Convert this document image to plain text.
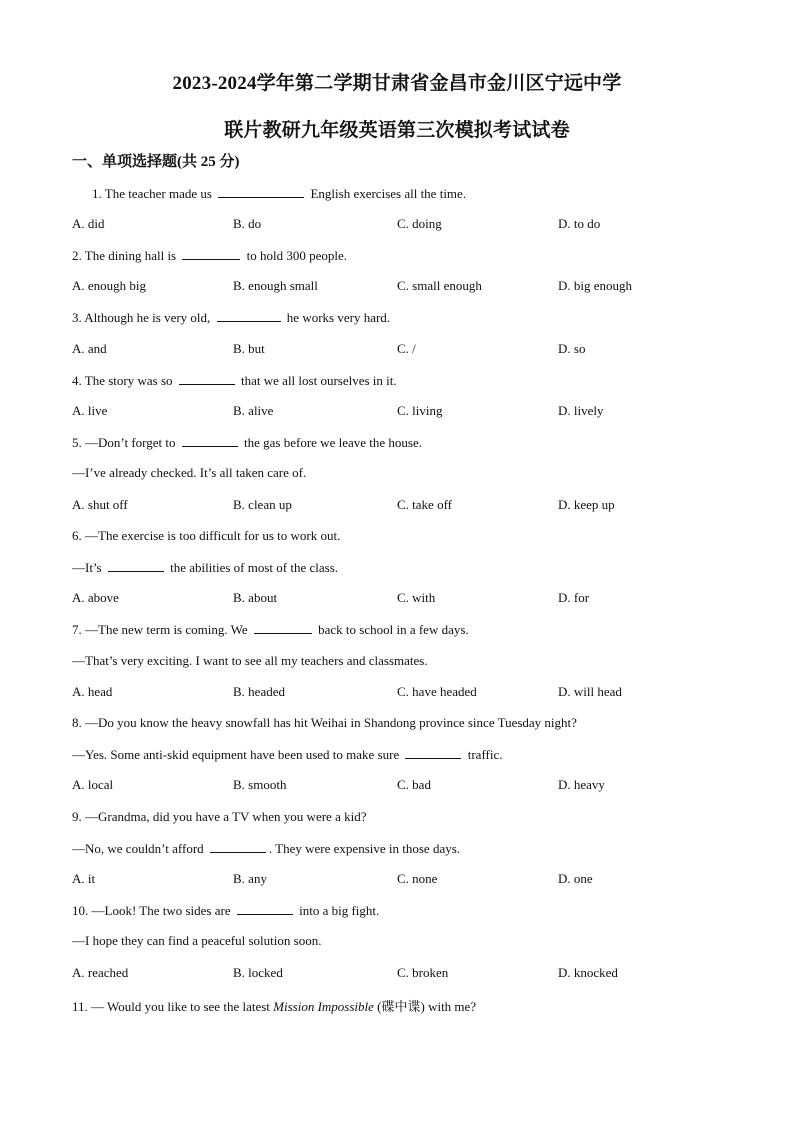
2023-2024学年第二学期甘肃省金昌市金川区宁远中学
联片教研九年级英语第三次模拟考试试卷
一、单项选择题(共 25 分)
1. The teacher made us	English exercises all the time.
A. did	B. do	C. doing	D. to do
2. The dining hall is	to hold 300 people.
A. enough big	B. enough small	C. small enough	D. big enough
3. Although he is very old,	he works very hard.
A. and	B. but	C. /	D. so
4. The story was so	that we all lost ourselves in it.
A. live	B. alive	C. living	D. lively
5. —Don’t forget to	the gas before we leave the house.
—I’ve already checked. It’s all taken care of.
A. shut off	B. clean up	C. take off	D. keep up
6. —The exercise is too difficult for us to work out.
—It’s	the abilities of most of the class.
A. above	B. about	C. with	D. for
7. —The new term is coming. We	back to school in a few days.
—That’s very exciting. I want to see all my teachers and classmates.
A. head	B. headed	C. have headed	D. will head
8. —Do you know the heavy snowfall has hit Weihai in Shandong province since Tuesday night?
—Yes. Some anti-skid equipment have been used to make sure	traffic.
A. local	B. smooth	C. bad	D. heavy
9. —Grandma, did you have a TV when you were a kid?
—No, we couldn’t afford	. They were expensive in those days.
A. it	B. any	C. none	D. one
10. —Look! The two sides are	into a big fight.
—I hope they can find a peaceful solution soon.
A. reached	B. locked	C. broken	D. knocked
11. — Would you like to see the latest Mission Impossible (碟中谍) with me?
